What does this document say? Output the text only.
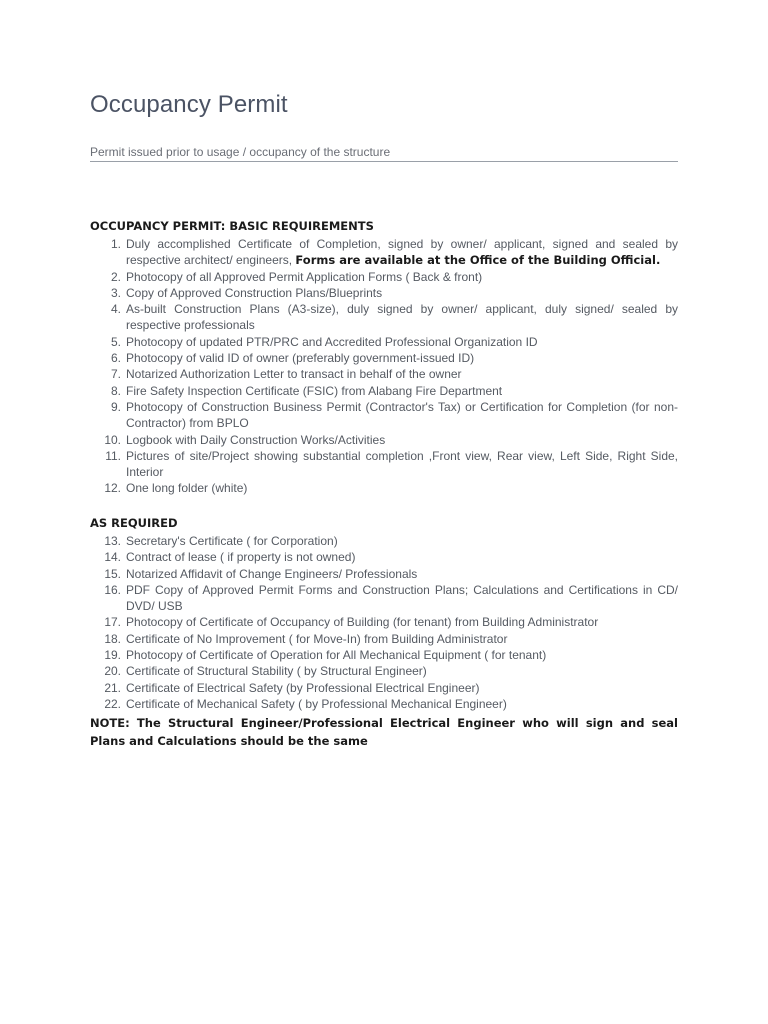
Occupancy Permit
Permit issued prior to usage / occupancy of the structure
OCCUPANCY PERMIT: BASIC REQUIREMENTS
1. Duly accomplished Certificate of Completion, signed by owner/ applicant, signed and sealed by respective architect/ engineers, Forms are available at the Office of the Building Official.
2. Photocopy of all Approved Permit Application Forms ( Back & front)
3. Copy of Approved Construction Plans/Blueprints
4. As-built Construction Plans (A3-size), duly signed by owner/ applicant, duly signed/ sealed by respective professionals
5. Photocopy of updated PTR/PRC and Accredited Professional Organization ID
6. Photocopy of valid ID of owner (preferably government-issued ID)
7. Notarized Authorization Letter to transact in behalf of the owner
8. Fire Safety Inspection Certificate (FSIC) from Alabang Fire Department
9. Photocopy of Construction Business Permit (Contractor's Tax) or Certification for Completion (for non-Contractor) from BPLO
10. Logbook with Daily Construction Works/Activities
11. Pictures of site/Project showing substantial completion ,Front view, Rear view, Left Side, Right Side, Interior
12. One long folder (white)
AS REQUIRED
13. Secretary's Certificate ( for Corporation)
14. Contract of lease ( if property is not owned)
15. Notarized Affidavit of Change Engineers/ Professionals
16. PDF Copy of Approved Permit Forms and Construction Plans; Calculations and Certifications in CD/ DVD/ USB
17. Photocopy of Certificate of Occupancy of Building (for tenant) from Building Administrator
18. Certificate of No Improvement ( for Move-In) from Building Administrator
19. Photocopy of Certificate of Operation for All Mechanical Equipment ( for tenant)
20. Certificate of Structural Stability ( by Structural Engineer)
21. Certificate of Electrical Safety (by Professional Electrical Engineer)
22. Certificate of Mechanical Safety ( by Professional Mechanical Engineer)
NOTE: The Structural Engineer/Professional Electrical Engineer who will sign and seal Plans and Calculations should be the same
